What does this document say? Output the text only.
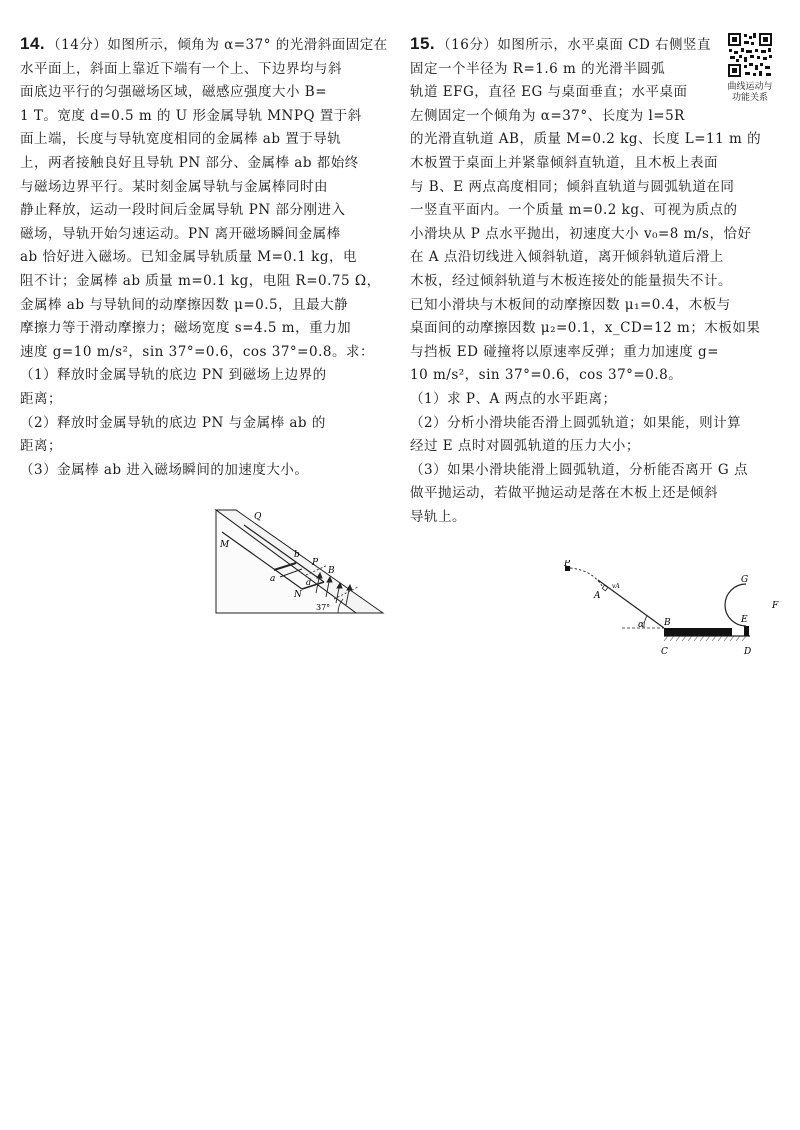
14. （14分）如图所示，倾角为 α=37° 的光滑斜面固定在
水平面上，斜面上靠近下端有一个上、下边界均与斜
面底边平行的匀强磁场区域，磁感应强度大小 B=
1 T。宽度 d=0.5 m 的 U 形金属导轨 MNPQ 置于斜
面上端，长度与导轨宽度相同的金属棒 ab 置于导轨
上，两者接触良好且导轨 PN 部分、金属棒 ab 都始终
与磁场边界平行。某时刻金属导轨与金属棒同时由
静止释放，运动一段时间后金属导轨 PN 部分刚进入
磁场，导轨开始匀速运动。PN 离开磁场瞬间金属棒
ab 恰好进入磁场。已知金属导轨质量 M=0.1 kg，电
阻不计；金属棒 ab 质量 m=0.1 kg，电阻 R=0.75 Ω，
金属棒 ab 与导轨间的动摩擦因数 μ=0.5，且最大静
摩擦力等于滑动摩擦力；磁场宽度 s=4.5 m，重力加
速度 g=10 m/s²，sin 37°=0.6，cos 37°=0.8。求：
（1）释放时金属导轨的底边 PN 到磁场上边界的
距离；
（2）释放时金属导轨的底边 PN 与金属棒 ab 的
距离；
（3）金属棒 ab 进入磁场瞬间的加速度大小。
Q
M
b
P
a
N
d
B
37°
曲线运动与
功能关系
15. （16分）如图所示，水平桌面 CD 右侧竖直
固定一个半径为 R=1.6 m 的光滑半圆弧
轨道 EFG，直径 EG 与桌面垂直；水平桌面
左侧固定一个倾角为 α=37°、长度为 l=5R
的光滑直轨道 AB，质量 M=0.2 kg、长度 L=11 m 的
木板置于桌面上并紧靠倾斜直轨道，且木板上表面
与 B、E 两点高度相同；倾斜直轨道与圆弧轨道在同
一竖直平面内。一个质量 m=0.2 kg、可视为质点的
小滑块从 P 点水平抛出，初速度大小 v₀=8 m/s，恰好
在 A 点沿切线进入倾斜轨道，离开倾斜轨道后滑上
木板，经过倾斜轨道与木板连接处的能量损失不计。
已知小滑块与木板间的动摩擦因数 μ₁=0.4，木板与
桌面间的动摩擦因数 μ₂=0.1，x_CD=12 m；木板如果
与挡板 ED 碰撞将以原速率反弹；重力加速度 g=
10 m/s²，sin 37°=0.6，cos 37°=0.8。
（1）求 P、A 两点的水平距离；
（2）分析小滑块能否滑上圆弧轨道；如果能，则计算
经过 E 点时对圆弧轨道的压力大小；
（3）如果小滑块能滑上圆弧轨道，分析能否离开 G 点
做平抛运动，若做平抛运动是落在木板上还是倾斜
导轨上。
P
vA
A
α B
C	D
E
F
G
